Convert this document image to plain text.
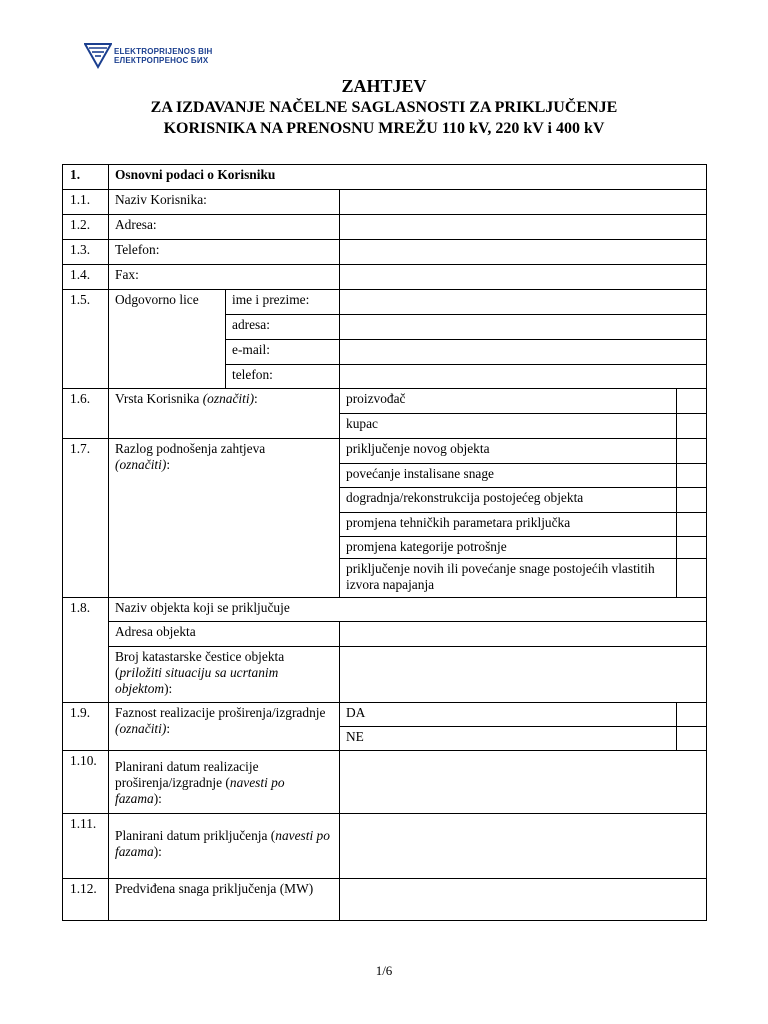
ELEKTROPRIJENOS BIH
ЕЛЕКТРОПРЕНОС БИХ
ZAHTJEV
ZA IZDAVANJE NAČELNE SAGLASNOSTI ZA PRIKLJUČENJE
KORISNIKA NA PRENOSNU MREŽU 110 kV, 220 kV i 400 kV
1.	Osnovni podaci o Korisniku			
1.1.	Naziv Korisnika:			
1.2.	Adresa:			
1.3.	Telefon:			
1.4.	Fax:			
1.5.	Odgovorno lice	ime i prezime:		
		adresa:		
		e-mail:		
		telefon:		
1.6.	Vrsta Korisnika (označiti):		proizvođač	
			kupac	
1.7.	Razlog podnošenja zahtjeva
(označiti):		priključenje novog objekta	
			povećanje instalisane snage	
			dogradnja/rekonstrukcija postojećeg objekta	
			promjena tehničkih parametara priključka	
			promjena kategorije potrošnje	
			priključenje novih ili povećanje snage postojećih vlastitih izvora napajanja	
1.8.	Naziv objekta koji se priključuje			
	Adresa objekta			
	Broj katastarske čestice objekta
(priložiti situaciju sa ucrtanim objektom):			
1.9.	Faznost realizacije proširenja/izgradnje (označiti):		DA	
			NE	
1.10.	Planirani datum realizacije proširenja/izgradnje (navesti po fazama):			
1.11.	Planirani datum priključenja (navesti po fazama):			
1.12.	Predviđena snaga priključenja (MW)			
1/6
